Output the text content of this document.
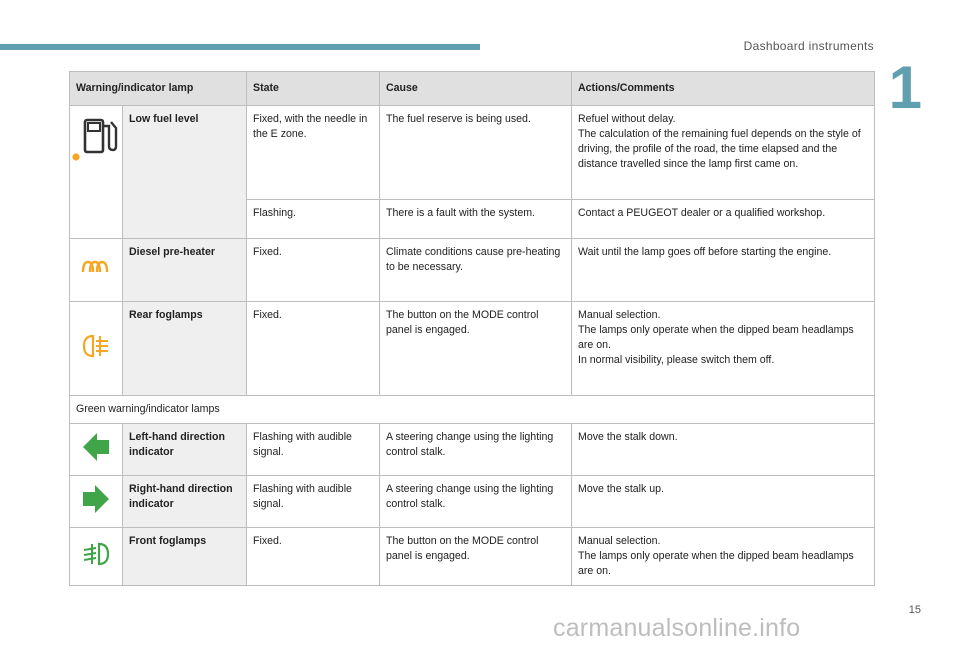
Dashboard instruments
1
Warning/indicator lamp		State	Cause	Actions/Comments
	Low fuel level	Fixed, with the needle in the E zone.	The fuel reserve is being used.	Refuel without delay.
The calculation of the remaining fuel depends on the style of driving, the profile of the road, the time elapsed and the distance travelled since the lamp first came on.

		Flashing.	There is a fault with the system.	Contact a PEUGEOT dealer or a qualified workshop.
	Diesel pre-heater	Fixed.	Climate conditions cause pre-heating to be necessary.	Wait until the lamp goes off before starting the engine.
	Rear foglamps	Fixed.	The button on the MODE control panel is engaged.	Manual selection.
The lamps only operate when the dipped beam headlamps are on.
In normal visibility, please switch them off.

Green warning/indicator lamps				
	Left-hand direction indicator	Flashing with audible signal.	A steering change using the lighting control stalk.	Move the stalk down.
	Right-hand direction indicator	Flashing with audible signal.	A steering change using the lighting control stalk.	Move the stalk up.
	Front foglamps	Fixed.	The button on the MODE control panel is engaged.	Manual selection.
The lamps only operate when the dipped beam headlamps are on.
15
carmanualsonline.info
